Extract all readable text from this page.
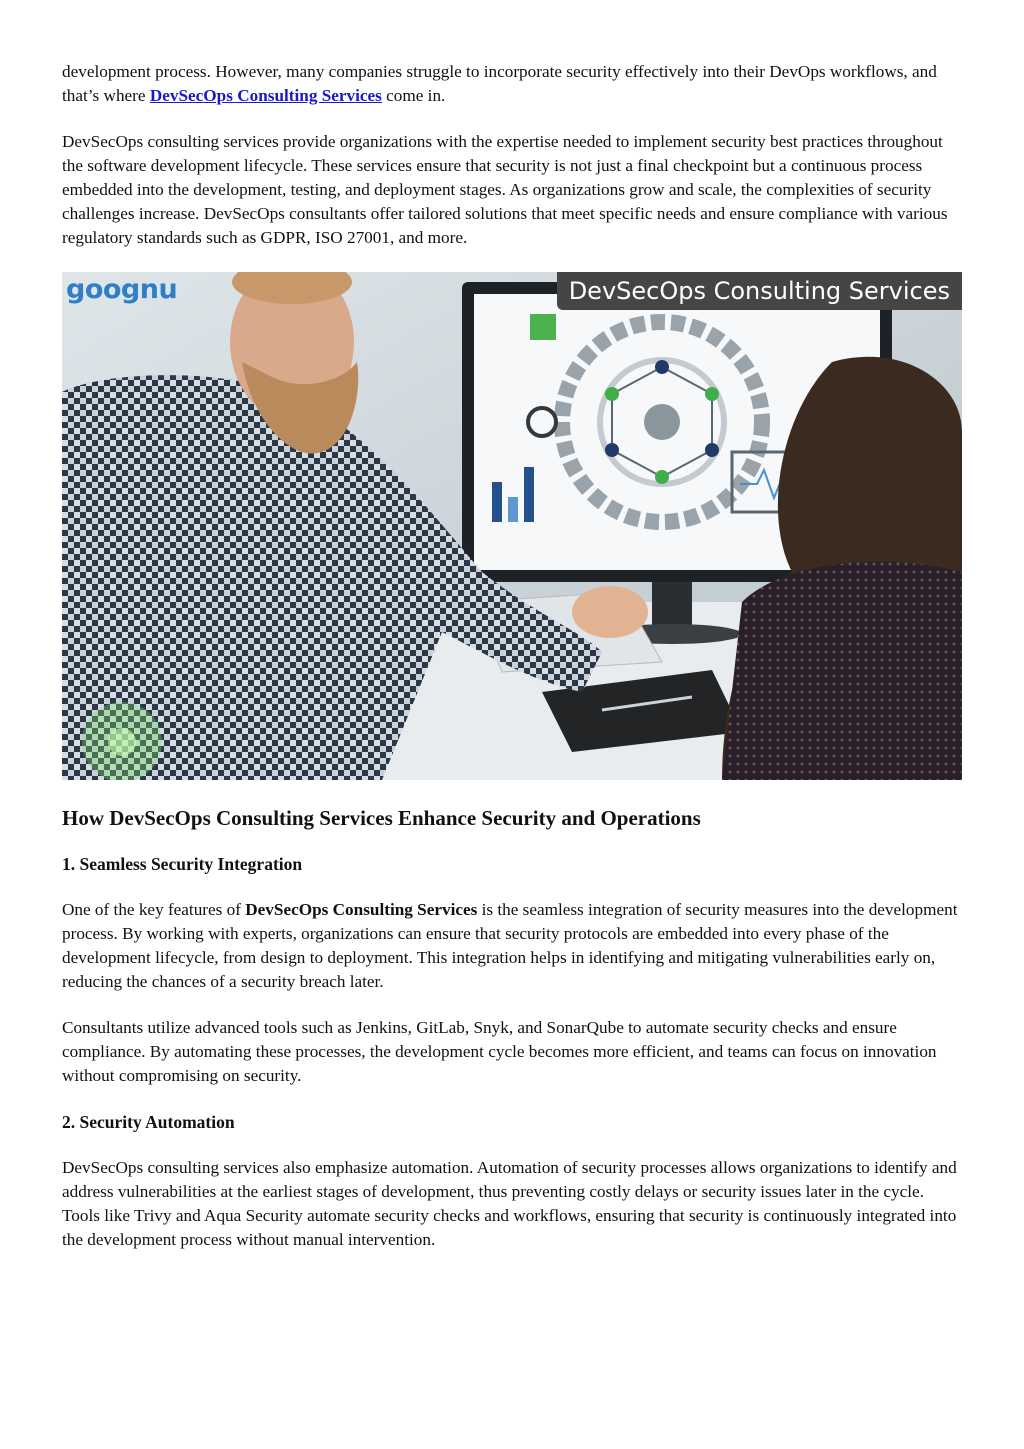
development process. However, many companies struggle to incorporate security effectively into their DevOps workflows, and that’s where DevSecOps Consulting Services come in.

DevSecOps consulting services provide organizations with the expertise needed to implement security best practices throughout the software development lifecycle. These services ensure that security is not just a final checkpoint but a continuous process embedded into the development, testing, and deployment stages. As organizations grow and scale, the complexities of security challenges increase. DevSecOps consultants offer tailored solutions that meet specific needs and ensure compliance with various regulatory standards such as GDPR, ISO 27001, and more.

goognu	DevSecOps Consulting Services
How DevSecOps Consulting Services Enhance Security and Operations
1. Seamless Security Integration

One of the key features of DevSecOps Consulting Services is the seamless integration of security measures into the development process. By working with experts, organizations can ensure that security protocols are embedded into every phase of the development lifecycle, from design to deployment. This integration helps in identifying and mitigating vulnerabilities early on, reducing the chances of a security breach later.

Consultants utilize advanced tools such as Jenkins, GitLab, Snyk, and SonarQube to automate security checks and ensure compliance. By automating these processes, the development cycle becomes more efficient, and teams can focus on innovation without compromising on security.

2. Security Automation

DevSecOps consulting services also emphasize automation. Automation of security processes allows organizations to identify and address vulnerabilities at the earliest stages of development, thus preventing costly delays or security issues later in the cycle. Tools like Trivy and Aqua Security automate security checks and workflows, ensuring that security is continuously integrated into the development process without manual intervention.
